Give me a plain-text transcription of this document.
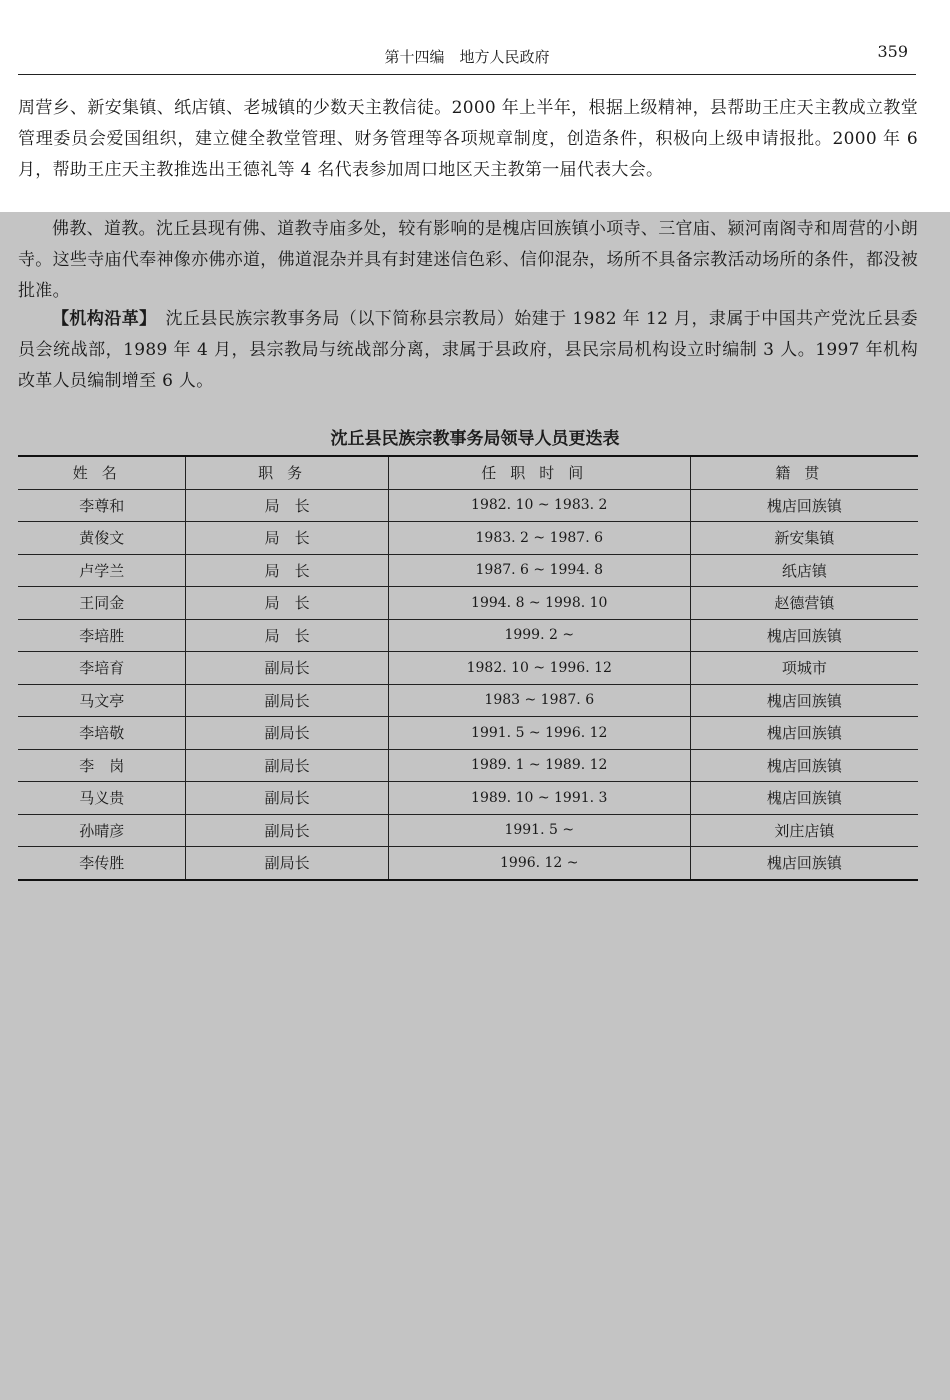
第十四编　地方人民政府	359

周营乡、新安集镇、纸店镇、老城镇的少数天主教信徒。2000 年上半年，根据上级精神，县帮助王庄天主教成立教堂管理委员会爱国组织，建立健全教堂管理、财务管理等各项规章制度，创造条件，积极向上级申请报批。2000 年 6 月，帮助王庄天主教推选出王德礼等 4 名代表参加周口地区天主教第一届代表大会。

佛教、道教。沈丘县现有佛、道教寺庙多处，较有影响的是槐店回族镇小项寺、三官庙、颍河南阁寺和周营的小朗寺。这些寺庙代奉神像亦佛亦道，佛道混杂并具有封建迷信色彩、信仰混杂，场所不具备宗教活动场所的条件，都没被批准。

【机构沿革】　沈丘县民族宗教事务局（以下简称县宗教局）始建于 1982 年 12 月，隶属于中国共产党沈丘县委员会统战部，1989 年 4 月，县宗教局与统战部分离，隶属于县政府，县民宗局机构设立时编制 3 人。1997 年机构改革人员编制增至 6 人。

沈丘县民族宗教事务局领导人员更迭表
姓名	职务	任职时间	籍贯
李尊和	局　长	1982. 10 ~ 1983. 2	槐店回族镇
黄俊文	局　长	1983. 2 ~ 1987. 6	新安集镇
卢学兰	局　长	1987. 6 ~ 1994. 8	纸店镇
王同金	局　长	1994. 8 ~ 1998. 10	赵德营镇
李培胜	局　长	1999. 2 ~	槐店回族镇
李培育	副局长	1982. 10 ~ 1996. 12	项城市
马文亭	副局长	1983 ~ 1987. 6	槐店回族镇
李培敬	副局长	1991. 5 ~ 1996. 12	槐店回族镇
李　岗	副局长	1989. 1 ~ 1989. 12	槐店回族镇
马义贵	副局长	1989. 10 ~ 1991. 3	槐店回族镇
孙晴彦	副局长	1991. 5 ~	刘庄店镇
李传胜	副局长	1996. 12 ~	槐店回族镇
